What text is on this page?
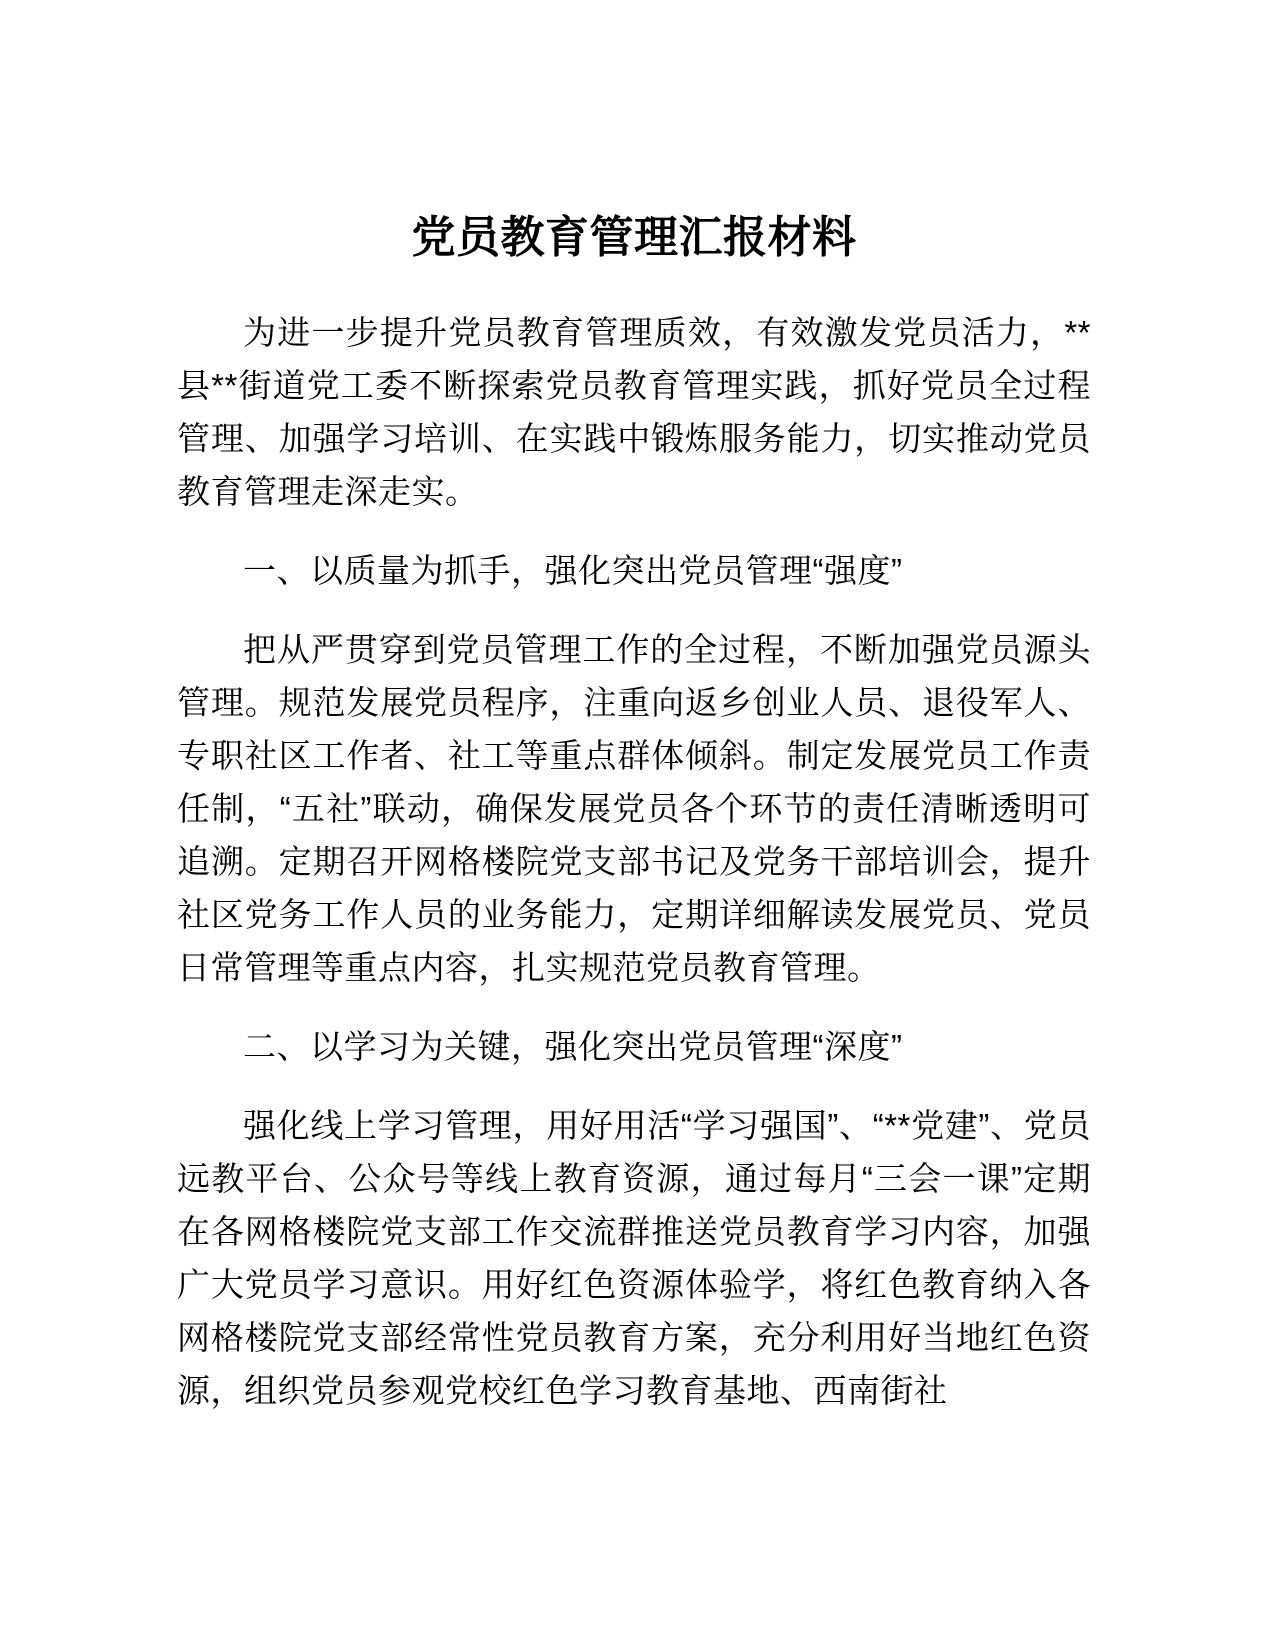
党员教育管理汇报材料

为进一步提升党员教育管理质效，有效激发党员活力，**县**街道党工委不断探索党员教育管理实践，抓好党员全过程管理、加强学习培训、在实践中锻炼服务能力，切实推动党员教育管理走深走实。

一、以质量为抓手，强化突出党员管理“强度”

把从严贯穿到党员管理工作的全过程，不断加强党员源头管理。规范发展党员程序，注重向返乡创业人员、退役军人、专职社区工作者、社工等重点群体倾斜。制定发展党员工作责任制，“五社”联动，确保发展党员各个环节的责任清晰透明可追溯。定期召开网格楼院党支部书记及党务干部培训会，提升社区党务工作人员的业务能力，定期详细解读发展党员、党员日常管理等重点内容，扎实规范党员教育管理。

二、以学习为关键，强化突出党员管理“深度”

强化线上学习管理，用好用活“学习强国”、“**党建”、党员远教平台、公众号等线上教育资源，通过每月“三会一课”定期在各网格楼院党支部工作交流群推送党员教育学习内容，加强广大党员学习意识。用好红色资源体验学，将红色教育纳入各网格楼院党支部经常性党员教育方案，充分利用好当地红色资源，组织党员参观党校红色学习教育基地、西南街社
